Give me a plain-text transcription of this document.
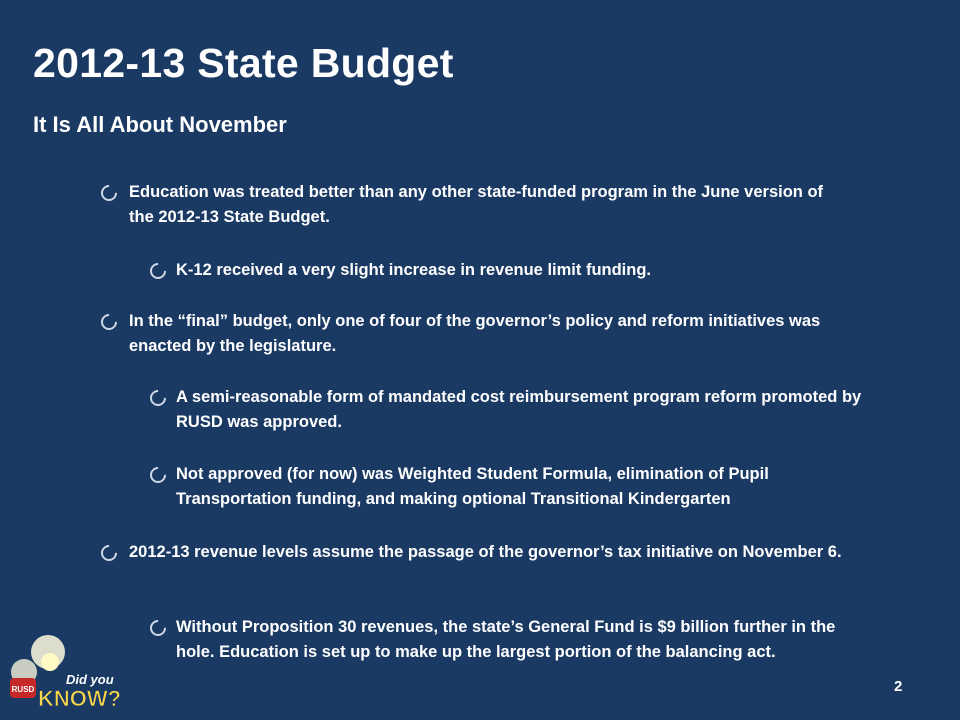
2012-13 State Budget
It Is All About November
Education was treated better than any other state-funded program in the June version of the 2012-13 State Budget.
K-12 received a very slight increase in revenue limit funding.
In the “final” budget, only one of four of the governor’s policy and reform initiatives was enacted by the legislature.
A semi-reasonable form of mandated cost reimbursement program reform promoted by RUSD was approved.
Not approved (for now) was Weighted Student Formula, elimination of Pupil Transportation funding, and making optional Transitional Kindergarten
2012-13 revenue levels assume the passage of the governor’s tax initiative on November 6.
Without Proposition 30 revenues, the state’s General Fund is $9 billion further in the hole. Education is set up to make up the largest portion of the balancing act.
RUSD
Did you
KNOW?	2
